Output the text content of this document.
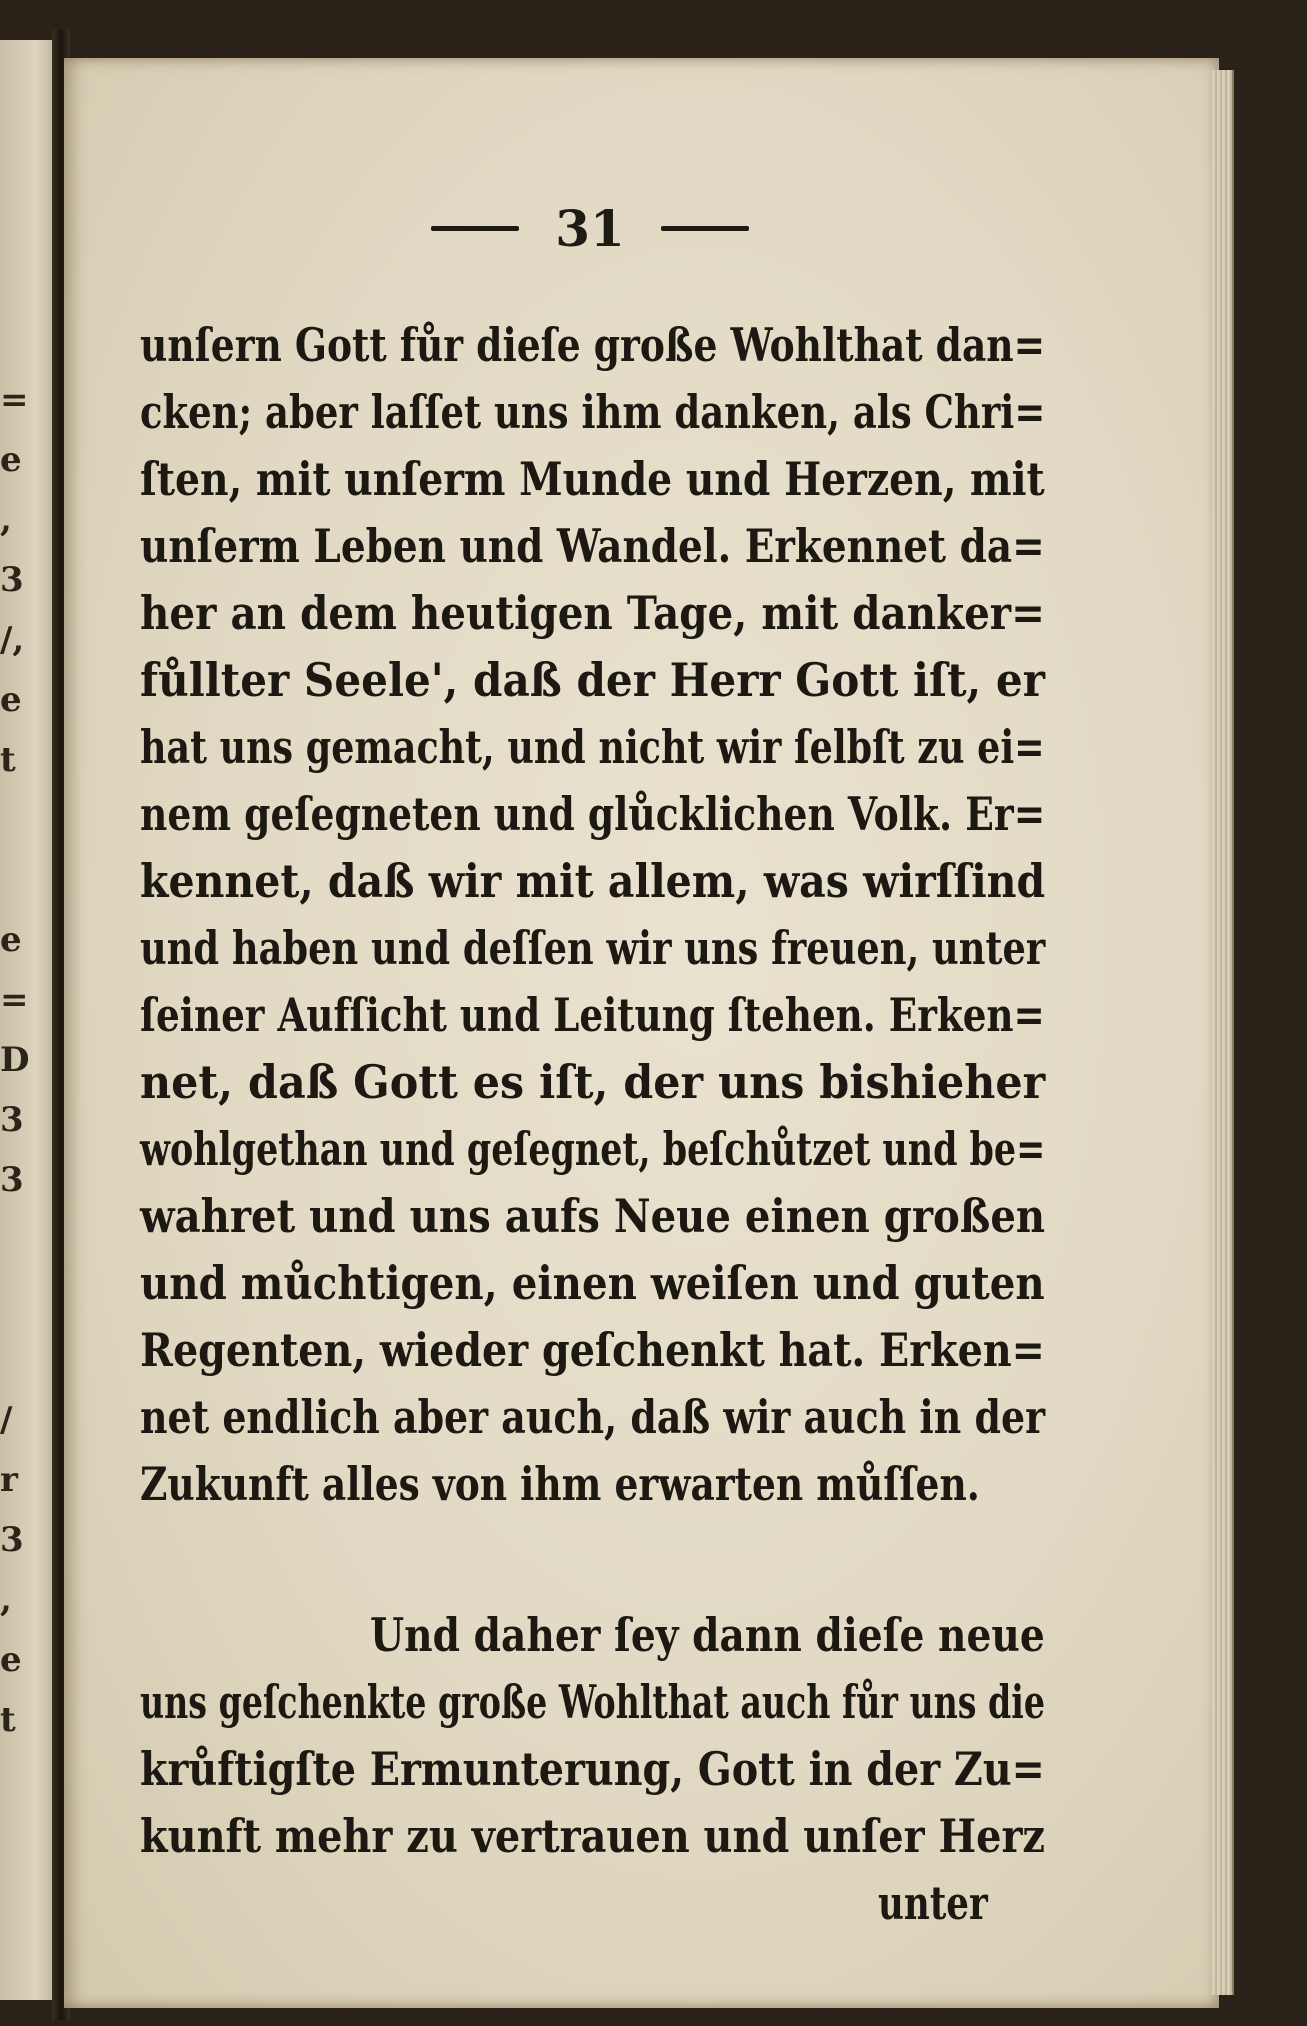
=
e
,
3
/,
e
t
e
=
D
3
3
/
r
3
,
e
t
31
unſern Gott fůr dieſe große Wohlthat dan=
cken; aber laſſet uns ihm danken, als Chri=
ſten, mit unſerm Munde und Herzen, mit
unſerm Leben und Wandel. Erkennet da=
her an dem heutigen Tage, mit danker=
fůllter Seele', daß der Herr Gott iſt, er
hat uns gemacht, und nicht wir ſelbſt zu ei=
nem geſegneten und glůcklichen Volk. Er=
kennet, daß wir mit allem, was wirſſind
und haben und deſſen wir uns freuen, unter
ſeiner Aufſicht und Leitung ſtehen. Erken=
net, daß Gott es iſt, der uns bishieher
wohlgethan und geſegnet, beſchůtzet und be=
wahret und uns aufs Neue einen großen
und můchtigen, einen weiſen und guten
Regenten, wieder geſchenkt hat. Erken=
net endlich aber auch, daß wir auch in der
Zukunft alles von ihm erwarten můſſen.
Und daher ſey dann dieſe neue
uns geſchenkte große Wohlthat auch fůr uns die
krůftigſte Ermunterung, Gott in der Zu=
kunft mehr zu vertrauen und unſer Herz
unter
